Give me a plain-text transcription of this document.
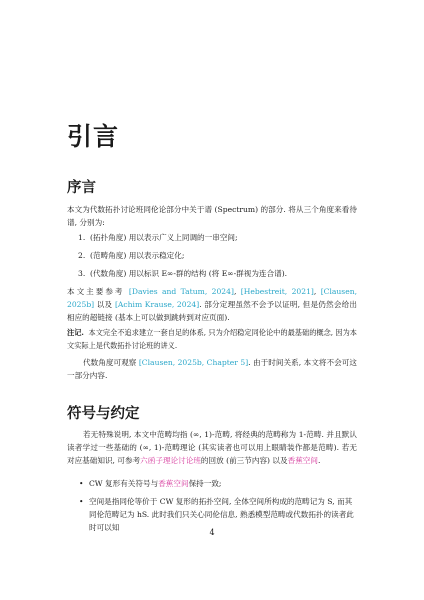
引言
序言

本文为代数拓扑讨论班同伦论部分中关于谱 (Spectrum) 的部分. 将从三个角度来看待谱, 分别为:

1. (拓扑角度) 用以表示广义上同调的一串空间;
2. (范畴角度) 用以表示稳定化;
3. (代数角度) 用以标识 E∞-群的结构 (将 E∞-群视为连合谱).

本文主要参考 [Davies and Tatum, 2024], [Hebestreit, 2021], [Clausen, 2025b] 以及 [Achim Krause, 2024]. 部分定理虽然不会予以证明, 但是仍然会给出相应的超链接 (基本上可以做到跳转到对应页面).

注记. 本文完全不追求建立一套自足的体系, 只为介绍稳定同伦论中的最基础的概念, 因为本文实际上是代数拓扑讨论班的讲义.

代数角度可观察 [Clausen, 2025b, Chapter 5]. 由于时间关系, 本文将不会可这一部分内容.

符号与约定

若无特殊说明, 本文中范畴均指 (∞, 1)-范畴, 将经典的范畴称为 1-范畴. 并且默认读者学过一些基础的 (∞, 1)-范畴理论 (其实读者也可以用上眼睛装作都是范畴). 若无对应基础知识, 可参考六函子理论讨论班的回放 (前三节内容) 以及香蕉空间.

• CW 复形有关符号与香蕉空间保持一致;
• 空间是指同伦等价于 CW 复形的拓扑空间, 全体空间所构成的范畴记为 S, 而其同伦范畴记为 hS. 此时我们只关心同伦信息, 熟悉模型范畴或代数拓扑的读者此时可以知
4
